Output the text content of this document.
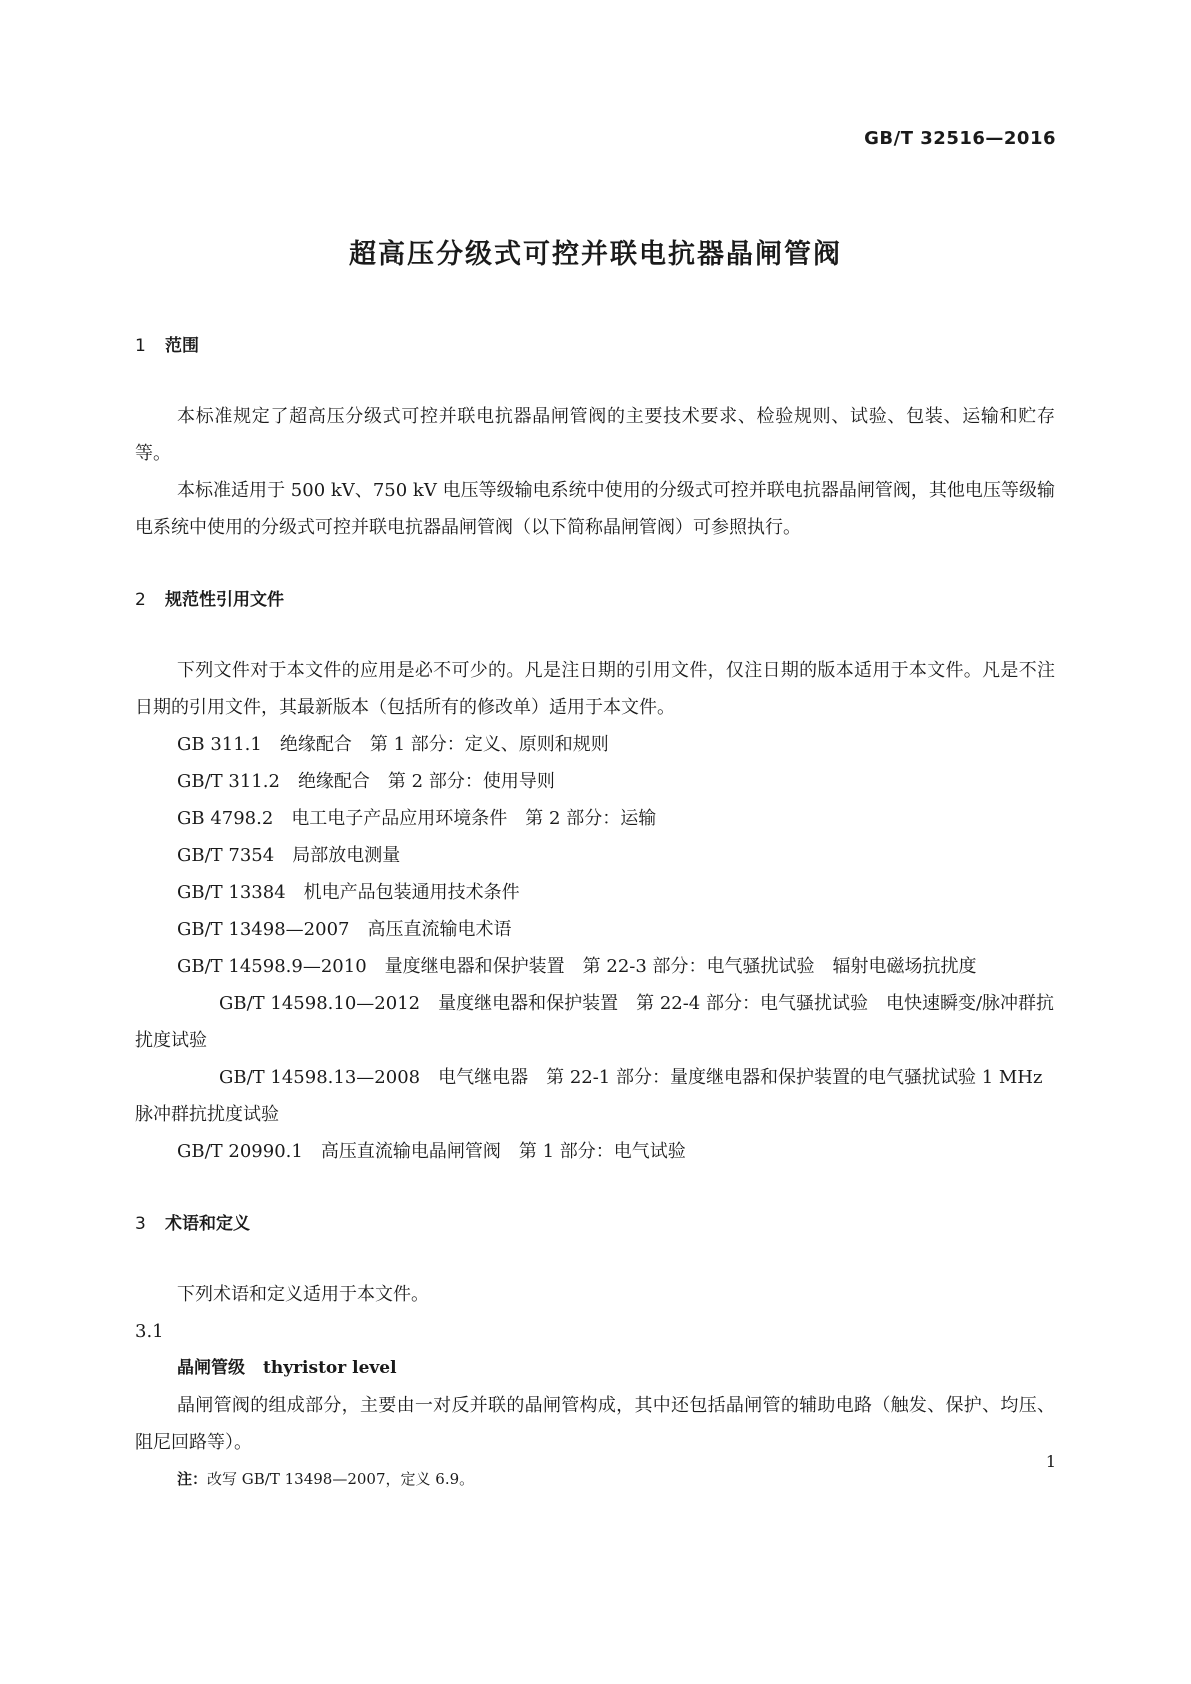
GB/T 32516—2016
超高压分级式可控并联电抗器晶闸管阀
1 范围

本标准规定了超高压分级式可控并联电抗器晶闸管阀的主要技术要求、检验规则、试验、包装、运输和贮存等。

本标准适用于 500 kV、750 kV 电压等级输电系统中使用的分级式可控并联电抗器晶闸管阀，其他电压等级输电系统中使用的分级式可控并联电抗器晶闸管阀（以下简称晶闸管阀）可参照执行。

2 规范性引用文件

下列文件对于本文件的应用是必不可少的。凡是注日期的引用文件，仅注日期的版本适用于本文件。凡是不注日期的引用文件，其最新版本（包括所有的修改单）适用于本文件。

GB 311.1 绝缘配合　第 1 部分：定义、原则和规则

GB/T 311.2 绝缘配合　第 2 部分：使用导则

GB 4798.2 电工电子产品应用环境条件　第 2 部分：运输

GB/T 7354 局部放电测量

GB/T 13384 机电产品包装通用技术条件

GB/T 13498—2007 高压直流输电术语

GB/T 14598.9—2010 量度继电器和保护装置　第 22-3 部分：电气骚扰试验　辐射电磁场抗扰度

GB/T 14598.10—2012 量度继电器和保护装置　第 22-4 部分：电气骚扰试验　电快速瞬变/脉冲群抗扰度试验

GB/T 14598.13—2008 电气继电器　第 22-1 部分：量度继电器和保护装置的电气骚扰试验 1 MHz脉冲群抗扰度试验

GB/T 20990.1 高压直流输电晶闸管阀　第 1 部分：电气试验

3 术语和定义

下列术语和定义适用于本文件。

3.1

晶闸管级 thyristor level

晶闸管阀的组成部分，主要由一对反并联的晶闸管构成，其中还包括晶闸管的辅助电路（触发、保护、均压、阻尼回路等）。

注：改写 GB/T 13498—2007，定义 6.9。

1
